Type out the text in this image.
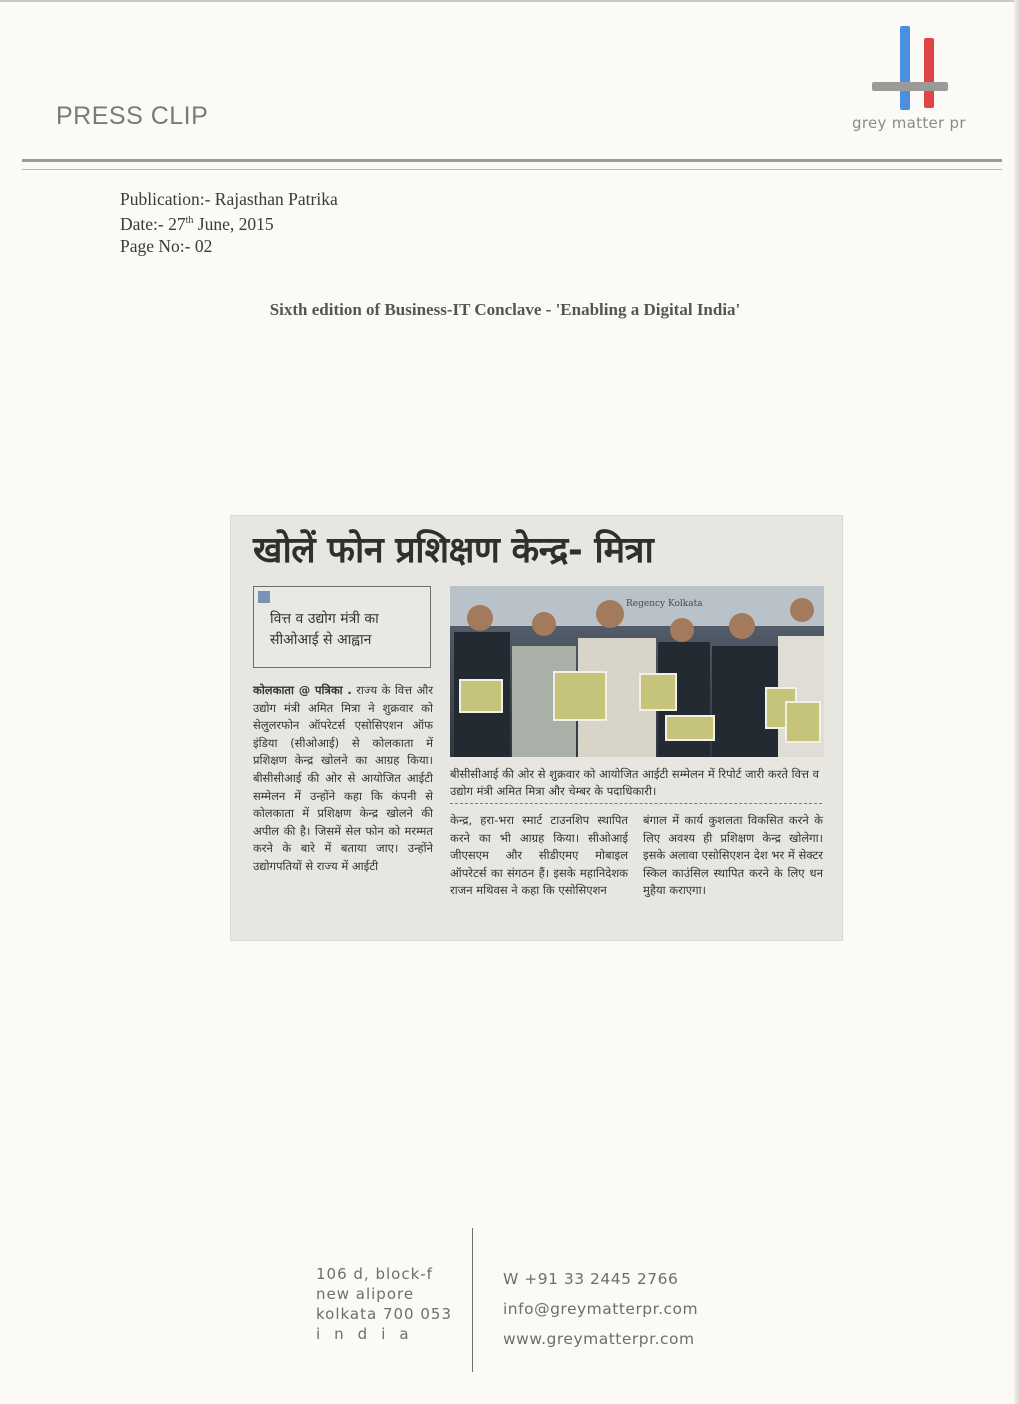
PRESS CLIP	grey matter pr
Publication:- Rajasthan Patrika
Date:- 27th June, 2015
Page No:- 02
Sixth edition of Business-IT Conclave - 'Enabling a Digital India'
खोलें फोन प्रशिक्षण केन्द्र- मित्रा
वित्त व उद्योग मंत्री का सीओआई से आह्वान
Regency Kolkata
बीसीसीआई की ओर से शुक्रवार को आयोजित आईटी सम्मेलन में रिपोर्ट जारी करते वित्त व उद्योग मंत्री अमित मित्रा और चेम्बर के पदाधिकारी।
कोलकाता @ पत्रिका . राज्य के वित्त और उद्योग मंत्री अमित मित्रा ने शुक्रवार को सेलुलरफोन ऑपरेटर्स एसोसिएशन ऑफ इंडिया (सीओआई) से कोलकाता में प्रशिक्षण केन्द्र खोलने का आग्रह किया। बीसीसीआई की ओर से आयोजित आईटी सम्मेलन में उन्होंने कहा कि कंपनी से कोलकाता में प्रशिक्षण केन्द्र खोलने की अपील की है। जिसमें सेल फोन को मरम्मत करने के बारे में बताया जाए। उन्होंने उद्योगपतियों से राज्य में आईटी
केन्द्र, हरा-भरा स्मार्ट टाउनशिप स्थापित करने का भी आग्रह किया। सीओआई जीएसएम और सीडीएमए मोबाइल ऑपरेटर्स का संगठन हैं। इसके महानिदेशक राजन मथिवस ने कहा कि एसोसिएशन
बंगाल में कार्य कुशलता विकसित करने के लिए अवश्य ही प्रशिक्षण केन्द्र खोलेगा। इसके अलावा एसोसिएशन देश भर में सेक्टर स्किल काउंसिल स्थापित करने के लिए धन मुहैया कराएगा।
106 d, block-f
new alipore
kolkata 700 053
india
W +91 33 2445 2766
info@greymatterpr.com
www.greymatterpr.com
